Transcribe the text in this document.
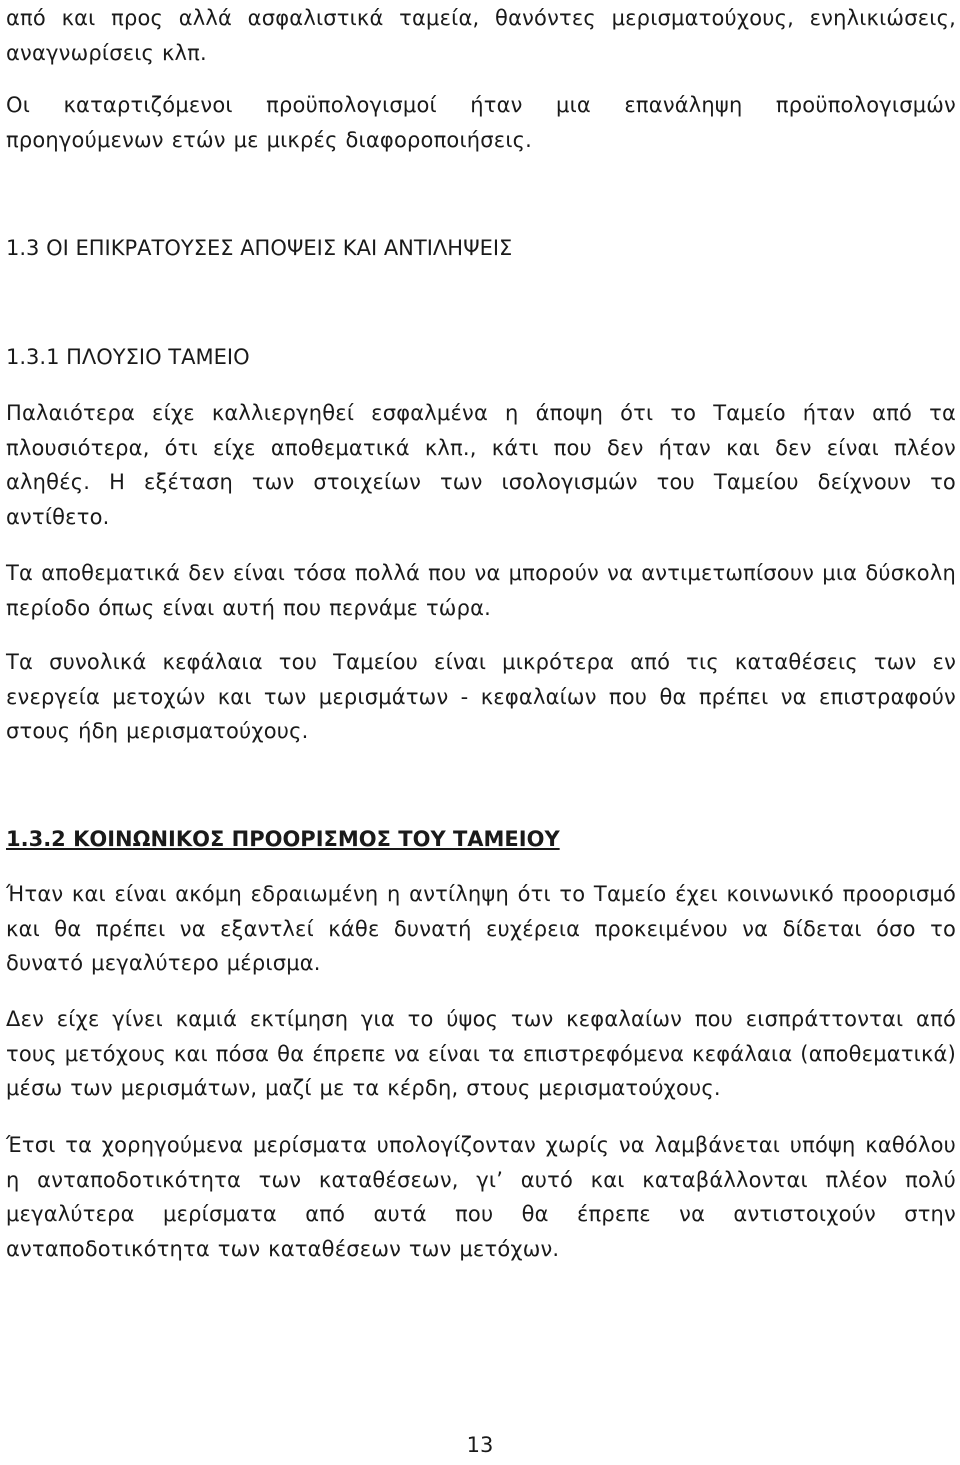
από και προς αλλά ασφαλιστικά ταμεία, θανόντες μερισματούχους, ενηλικιώσεις, αναγνωρίσεις κλπ.

Οι καταρτιζόμενοι προϋπολογισμοί ήταν μια επανάληψη προϋπολογισμών προηγούμενων ετών με μικρές διαφοροποιήσεις.

1.3 ΟΙ ΕΠΙΚΡΑΤΟΥΣΕΣ ΑΠΟΨΕΙΣ ΚΑΙ ΑΝΤΙΛΗΨΕΙΣ
1.3.1 ΠΛΟΥΣΙΟ ΤΑΜΕΙΟ

Παλαιότερα είχε καλλιεργηθεί εσφαλμένα η άποψη ότι το Ταμείο ήταν από τα πλουσιότερα, ότι είχε αποθεματικά κλπ., κάτι που δεν ήταν και δεν είναι πλέον αληθές. Η εξέταση των στοιχείων των ισολογισμών του Ταμείου δείχνουν το αντίθετο.

Τα αποθεματικά δεν είναι τόσα πολλά που να μπορούν να αντιμετωπίσουν μια δύσκολη περίοδο όπως είναι αυτή που περνάμε τώρα.

Τα συνολικά κεφάλαια του Ταμείου είναι μικρότερα από τις καταθέσεις των εν ενεργεία μετοχών και των μερισμάτων - κεφαλαίων που θα πρέπει να επιστραφούν στους ήδη μερισματούχους.

1.3.2 ΚΟΙΝΩΝΙΚΟΣ ΠΡΟΟΡΙΣΜΟΣ ΤΟΥ ΤΑΜΕΙΟΥ

Ήταν και είναι ακόμη εδραιωμένη η αντίληψη ότι το Ταμείο έχει κοινωνικό προορισμό και θα πρέπει να εξαντλεί κάθε δυνατή ευχέρεια προκειμένου να δίδεται όσο το δυνατό μεγαλύτερο μέρισμα.

Δεν είχε γίνει καμιά εκτίμηση για το ύψος των κεφαλαίων που εισπράττονται από τους μετόχους και πόσα θα έπρεπε να είναι τα επιστρεφόμενα κεφάλαια (αποθεματικά) μέσω των μερισμάτων, μαζί με τα κέρδη, στους μερισματούχους.

Έτσι τα χορηγούμενα μερίσματα υπολογίζονταν χωρίς να λαμβάνεται υπόψη καθόλου η ανταποδοτικότητα των καταθέσεων, γι’ αυτό και καταβάλλονται πλέον πολύ μεγαλύτερα μερίσματα από αυτά που θα έπρεπε να αντιστοιχούν στην ανταποδοτικότητα των καταθέσεων των μετόχων.

13
